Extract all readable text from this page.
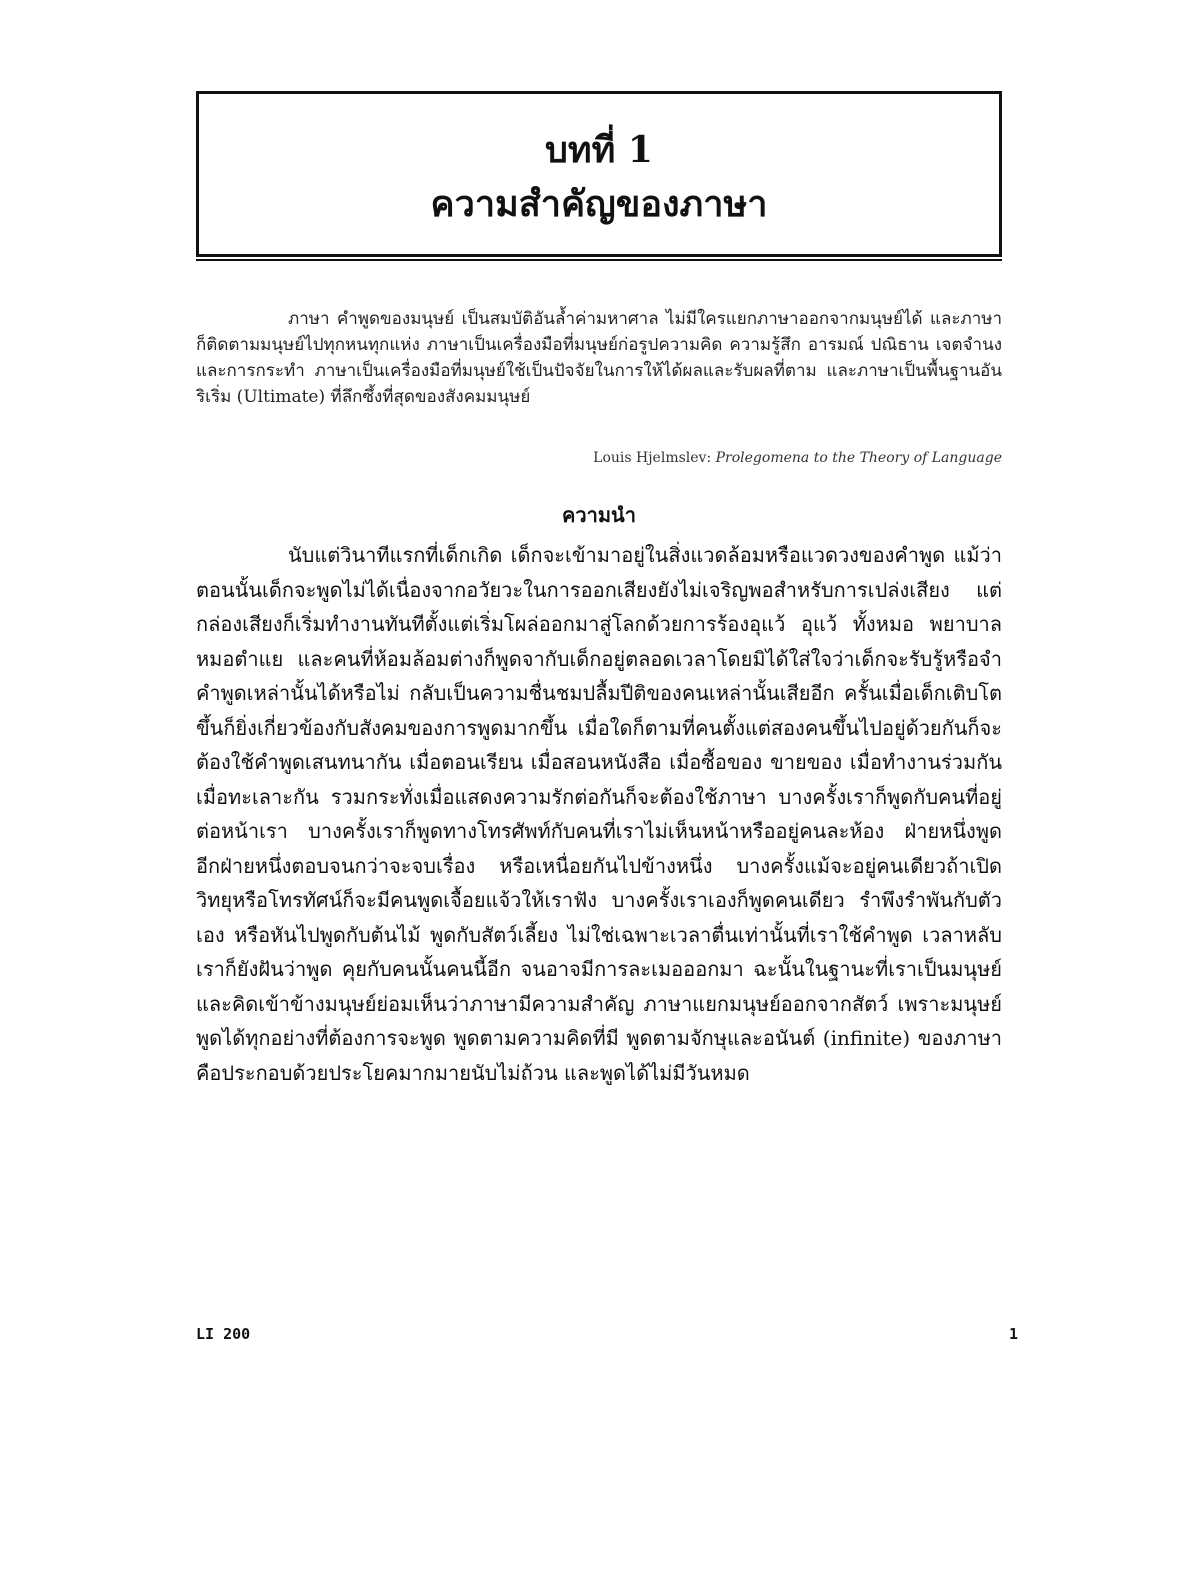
บทที่ 1
ความสำคัญของภาษา

ภาษา คำพูดของมนุษย์ เป็นสมบัติอันล้ำค่ามหาศาล ไม่มีใครแยกภาษาออกจากมนุษย์ได้ และภาษาก็ติดตามมนุษย์ไปทุกหนทุกแห่ง ภาษาเป็นเครื่องมือที่มนุษย์ก่อรูปความคิด ความรู้สึก อารมณ์ ปณิธาน เจตจำนง และการกระทำ ภาษาเป็นเครื่องมือที่มนุษย์ใช้เป็นปัจจัยในการให้ได้ผลและรับผลที่ตาม และภาษาเป็นพื้นฐานอันริเริ่ม (Ultimate) ที่ลึกซึ้งที่สุดของสังคมมนุษย์

Louis Hjelmslev: Prolegomena to the Theory of Language
ความนำ

นับแต่วินาทีแรกที่เด็กเกิด เด็กจะเข้ามาอยู่ในสิ่งแวดล้อมหรือแวดวงของคำพูด แม้ว่าตอนนั้นเด็กจะพูดไม่ได้เนื่องจากอวัยวะในการออกเสียงยังไม่เจริญพอสำหรับการเปล่งเสียง แต่กล่องเสียงก็เริ่มทำงานทันทีตั้งแต่เริ่มโผล่ออกมาสู่โลกด้วยการร้องอุแว้ อุแว้ ทั้งหมอ พยาบาล หมอตำแย และคนที่ห้อมล้อมต่างก็พูดจากับเด็กอยู่ตลอดเวลาโดยมิได้ใส่ใจว่าเด็กจะรับรู้หรือจำคำพูดเหล่านั้นได้หรือไม่ กลับเป็นความชื่นชมปลื้มปีติของคนเหล่านั้นเสียอีก ครั้นเมื่อเด็กเติบโตขึ้นก็ยิ่งเกี่ยวข้องกับสังคมของการพูดมากขึ้น เมื่อใดก็ตามที่คนตั้งแต่สองคนขึ้นไปอยู่ด้วยกันก็จะต้องใช้คำพูดเสนทนากัน เมื่อตอนเรียน เมื่อสอนหนังสือ เมื่อซื้อของ ขายของ เมื่อทำงานร่วมกัน เมื่อทะเลาะกัน รวมกระทั่งเมื่อแสดงความรักต่อกันก็จะต้องใช้ภาษา บางครั้งเราก็พูดกับคนที่อยู่ต่อหน้าเรา บางครั้งเราก็พูดทางโทรศัพท์กับคนที่เราไม่เห็นหน้าหรืออยู่คนละห้อง ฝ่ายหนึ่งพูด อีกฝ่ายหนึ่งตอบจนกว่าจะจบเรื่อง หรือเหนื่อยกันไปข้างหนึ่ง บางครั้งแม้จะอยู่คนเดียวถ้าเปิดวิทยุหรือโทรทัศน์ก็จะมีคนพูดเจื้อยแจ้วให้เราฟัง บางครั้งเราเองก็พูดคนเดียว รำพึงรำพันกับตัวเอง หรือหันไปพูดกับต้นไม้ พูดกับสัตว์เลี้ยง ไม่ใช่เฉพาะเวลาตื่นเท่านั้นที่เราใช้คำพูด เวลาหลับเราก็ยังฝันว่าพูด คุยกับคนนั้นคนนี้อีก จนอาจมีการละเมอออกมา ฉะนั้นในฐานะที่เราเป็นมนุษย์และคิดเข้าข้างมนุษย์ย่อมเห็นว่าภาษามีความสำคัญ ภาษาแยกมนุษย์ออกจากสัตว์ เพราะมนุษย์พูดได้ทุกอย่างที่ต้องการจะพูด พูดตามความคิดที่มี พูดตามจักษุและอนันต์ (infinite) ของภาษาคือประกอบด้วยประโยคมากมายนับไม่ถ้วน และพูดได้ไม่มีวันหมด

LI 200	1
